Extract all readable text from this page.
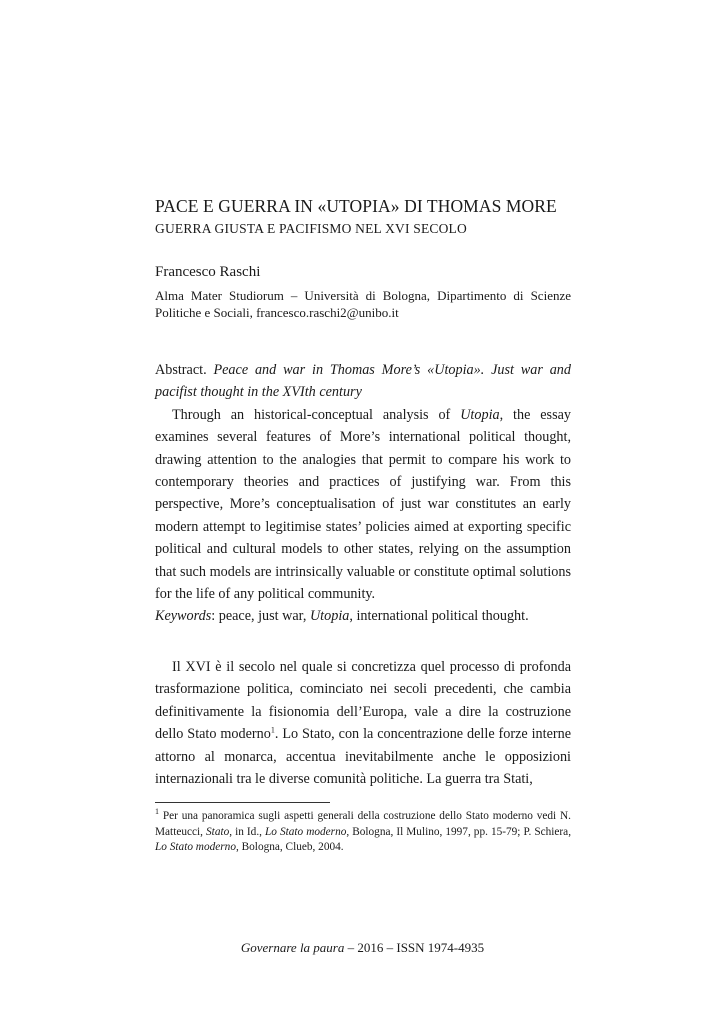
PACE E GUERRA IN «UTOPIA» DI THOMAS MORE
GUERRA GIUSTA E PACIFISMO NEL XVI SECOLO
Francesco Raschi
Alma Mater Studiorum – Università di Bologna, Dipartimento di Scienze Politiche e Sociali, francesco.raschi2@unibo.it

Abstract. Peace and war in Thomas More’s «Utopia». Just war and pacifist thought in the XVIth century

Through an historical-conceptual analysis of Utopia, the essay examines several features of More’s international political thought, drawing attention to the analogies that permit to compare his work to contemporary theories and practices of justifying war. From this perspective, More’s conceptualisation of just war constitutes an early modern attempt to legitimise states’ policies aimed at exporting specific political and cultural models to other states, relying on the assumption that such models are intrinsically valuable or constitute optimal solutions for the life of any political community.

Keywords: peace, just war, Utopia, international political thought.

Il XVI è il secolo nel quale si concretizza quel processo di profonda trasformazione politica, cominciato nei secoli precedenti, che cambia definitivamente la fisionomia dell’Europa, vale a dire la costruzione dello Stato moderno$^1$. Lo Stato, con la concentrazione delle forze interne attorno al monarca, accentua inevitabilmente anche le opposizioni internazionali tra le diverse comunità politiche. La guerra tra Stati,

$^1$ Per una panoramica sugli aspetti generali della costruzione dello Stato moderno vedi N. Matteucci, Stato, in Id., Lo Stato moderno, Bologna, Il Mulino, 1997, pp. 15-79; P. Schiera, Lo Stato moderno, Bologna, Clueb, 2004.
Governare la paura – 2016 – ISSN 1974-4935
